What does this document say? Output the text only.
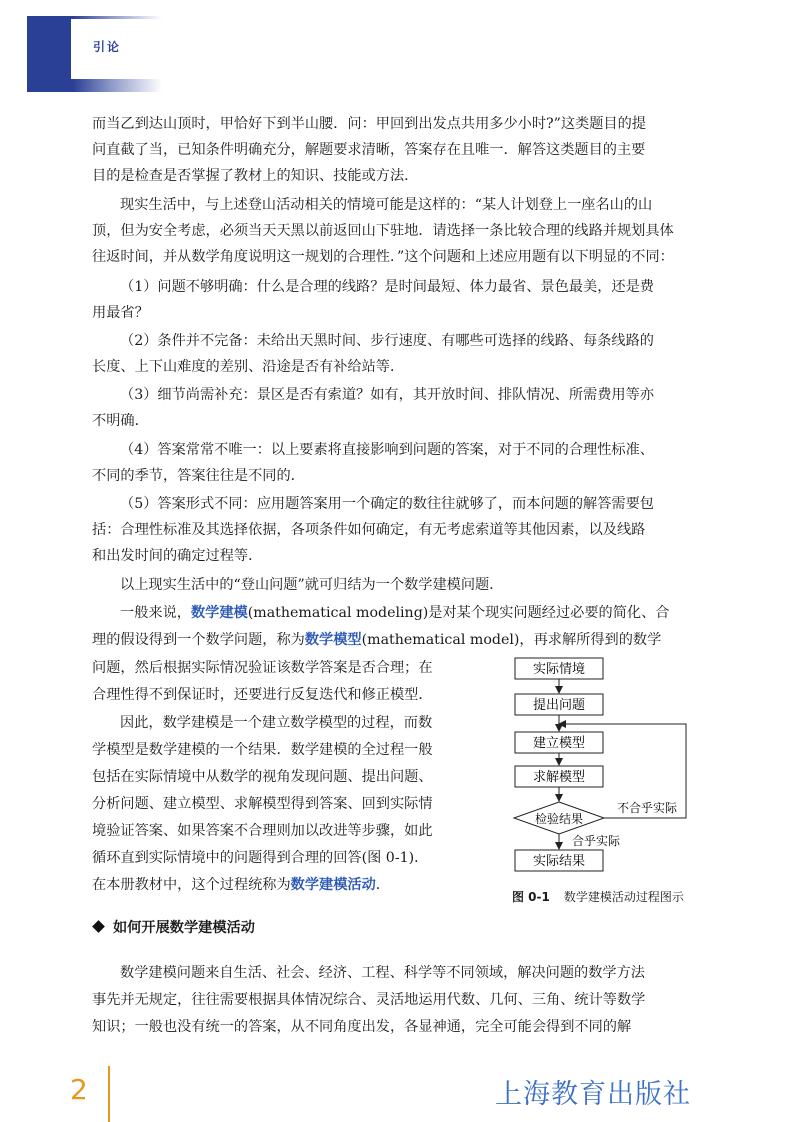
引论
而当乙到达山顶时，甲恰好下到半山腰．问：甲回到出发点共用多少小时?”这类题目的提
问直截了当，已知条件明确充分，解题要求清晰，答案存在且唯一．解答这类题目的主要
目的是检查是否掌握了教材上的知识、技能或方法．
现实生活中，与上述登山活动相关的情境可能是这样的：“某人计划登上一座名山的山
顶，但为安全考虑，必须当天天黑以前返回山下驻地．请选择一条比较合理的线路并规划具体
往返时间，并从数学角度说明这一规划的合理性．”这个问题和上述应用题有以下明显的不同：
（1）问题不够明确：什么是合理的线路？是时间最短、体力最省、景色最美，还是费
用最省？
（2）条件并不完备：未给出天黑时间、步行速度、有哪些可选择的线路、每条线路的
长度、上下山难度的差别、沿途是否有补给站等．
（3）细节尚需补充：景区是否有索道？如有，其开放时间、排队情况、所需费用等亦
不明确．
（4）答案常常不唯一：以上要素将直接影响到问题的答案，对于不同的合理性标准、
不同的季节，答案往往是不同的．
（5）答案形式不同：应用题答案用一个确定的数往往就够了，而本问题的解答需要包
括：合理性标准及其选择依据，各项条件如何确定，有无考虑索道等其他因素，以及线路
和出发时间的确定过程等．
以上现实生活中的“登山问题”就可归结为一个数学建模问题．
一般来说，数学建模(mathematical modeling)是对某个现实问题经过必要的简化、合
理的假设得到一个数学问题，称为数学模型(mathematical model)，再求解所得到的数学
问题，然后根据实际情况验证该数学答案是否合理；在
合理性得不到保证时，还要进行反复迭代和修正模型．
因此，数学建模是一个建立数学模型的过程，而数
学模型是数学建模的一个结果．数学建模的全过程一般
包括在实际情境中从数学的视角发现问题、提出问题、
分析问题、建立模型、求解模型得到答案、回到实际情
境验证答案、如果答案不合理则加以改进等步骤，如此
循环直到实际情境中的问题得到合理的回答(图 0-1)．
在本册教材中，这个过程统称为数学建模活动．
实际情境
提出问题
建立模型
求解模型
检验结果
实际结果
不合乎实际
合乎实际
图 0-1 数学建模活动过程图示
如何开展数学建模活动
数学建模问题来自生活、社会、经济、工程、科学等不同领域，解决问题的数学方法
事先并无规定，往往需要根据具体情况综合、灵活地运用代数、几何、三角、统计等数学
知识；一般也没有统一的答案，从不同角度出发，各显神通，完全可能会得到不同的解
2	上海教育出版社
